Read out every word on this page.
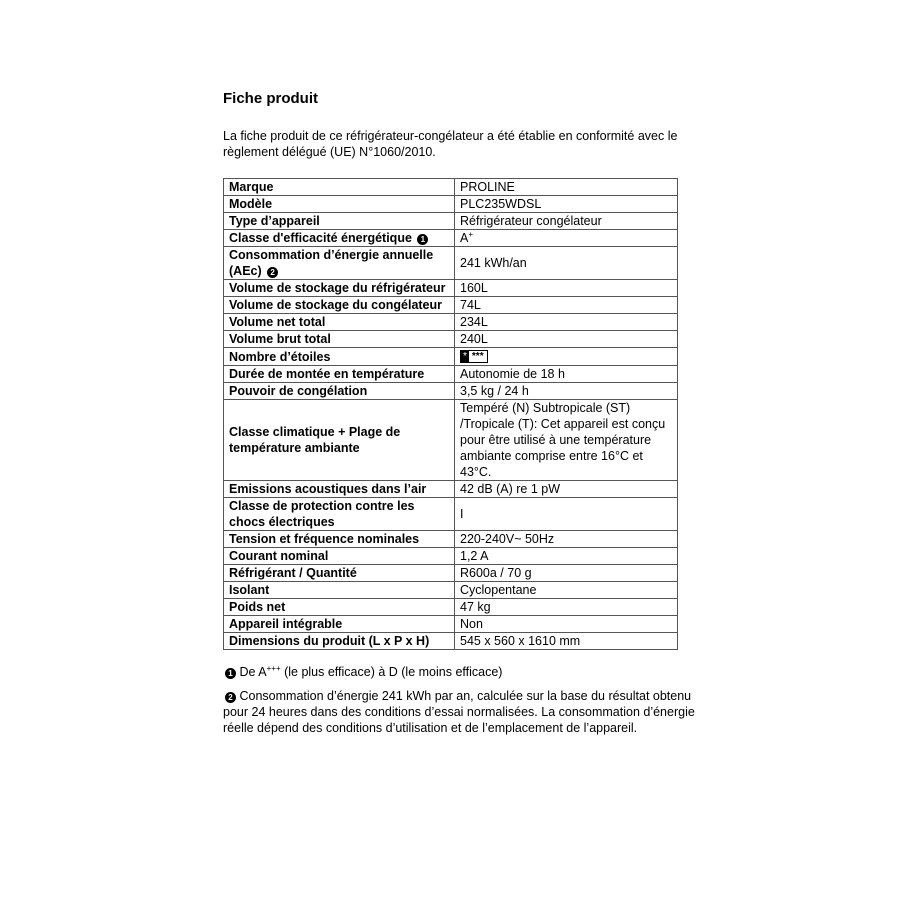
Fiche produit
La fiche produit de ce réfrigérateur-congélateur a été établie en conformité avec le règlement délégué (UE) N°1060/2010.
Marque	PROLINE
Modèle	PLC235WDSL
Type d’appareil	Réfrigérateur congélateur
Classe d'efficacité énergétique 1	A+
Consommation d’énergie annuelle (AEc) 2	241 kWh/an
Volume de stockage du réfrigérateur	160L
Volume de stockage du congélateur	74L
Volume net total	234L
Volume brut total	240L
Nombre d’étoiles	* ***

Durée de montée en température	Autonomie de 18 h
Pouvoir de congélation	3,5 kg / 24 h
Classe climatique + Plage de température ambiante	Tempéré (N) Subtropicale (ST) /Tropicale (T): Cet appareil est conçu pour être utilisé à une température ambiante comprise entre 16°C et 43°C.
Emissions acoustiques dans l’air	42 dB (A) re 1 pW
Classe de protection contre les chocs électriques	I
Tension et fréquence nominales	220-240V~ 50Hz
Courant nominal	1,2 A
Réfrigérant / Quantité	R600a / 70 g
Isolant	Cyclopentane
Poids net	47 kg
Appareil intégrable	Non
Dimensions du produit (L x P x H)	545 x 560 x 1610 mm

1 De A+++ (le plus efficace) à D (le moins efficace)

2 Consommation d’énergie 241 kWh par an, calculée sur la base du résultat obtenu pour 24 heures dans des conditions d’essai normalisées. La consommation d’énergie réelle dépend des conditions d’utilisation et de l’emplacement de l’appareil.
